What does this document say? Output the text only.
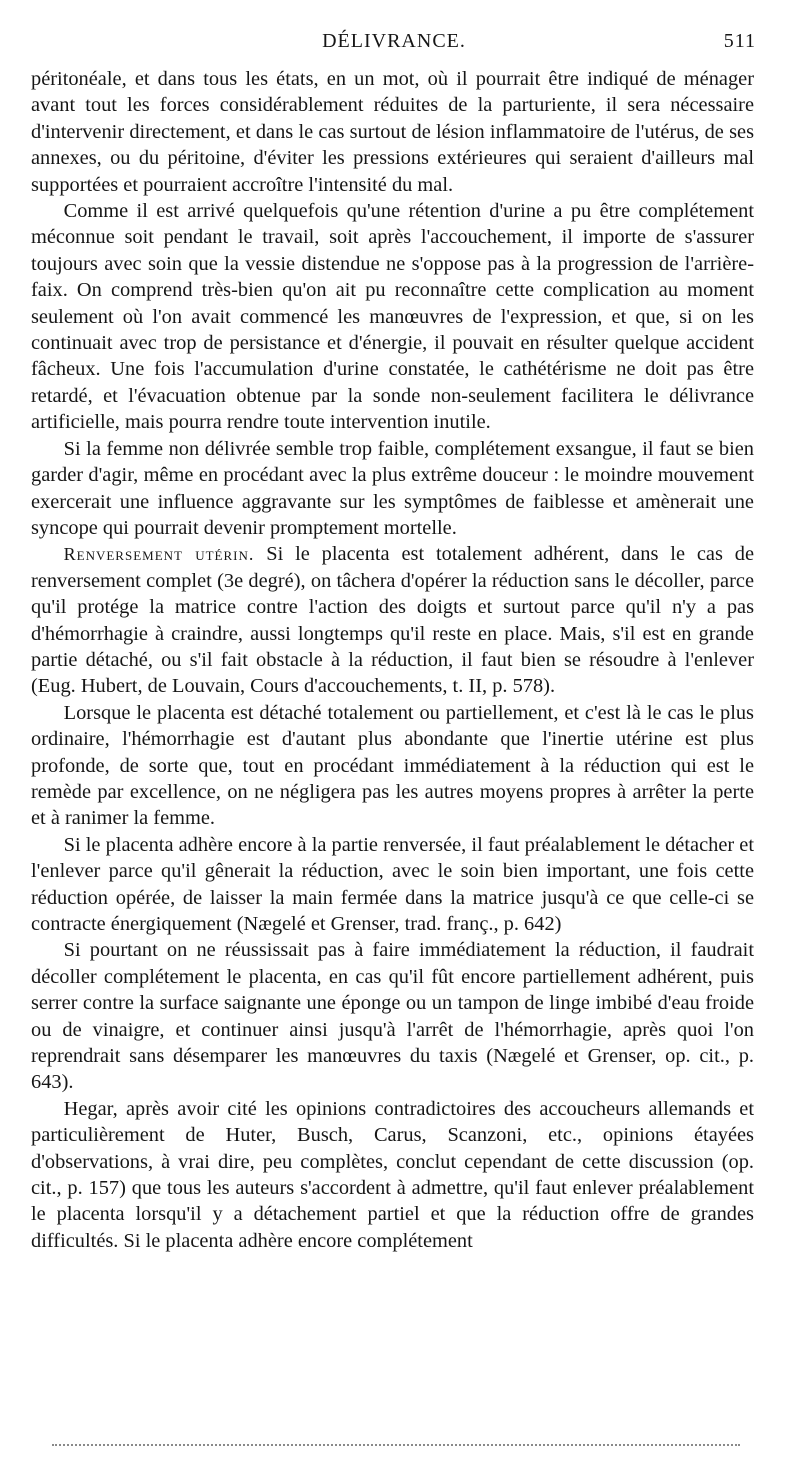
DÉLIVRANCE.	511

péritonéale, et dans tous les états, en un mot, où il pourrait être indiqué de ménager avant tout les forces considérablement réduites de la parturiente, il sera nécessaire d'intervenir directement, et dans le cas surtout de lésion inflammatoire de l'utérus, de ses annexes, ou du péritoine, d'éviter les pressions extérieures qui seraient d'ailleurs mal supportées et pourraient accroître l'intensité du mal.

Comme il est arrivé quelquefois qu'une rétention d'urine a pu être complétement méconnue soit pendant le travail, soit après l'accouchement, il importe de s'assurer toujours avec soin que la vessie distendue ne s'oppose pas à la progression de l'arrière-faix. On comprend très-bien qu'on ait pu reconnaître cette complication au moment seulement où l'on avait commencé les manœuvres de l'expression, et que, si on les continuait avec trop de persistance et d'énergie, il pouvait en résulter quelque accident fâcheux. Une fois l'accumulation d'urine constatée, le cathétérisme ne doit pas être retardé, et l'évacuation obtenue par la sonde non-seulement facilitera le délivrance artificielle, mais pourra rendre toute intervention inutile.

Si la femme non délivrée semble trop faible, complétement exsangue, il faut se bien garder d'agir, même en procédant avec la plus extrême douceur : le moindre mouvement exercerait une influence aggravante sur les symptômes de faiblesse et amènerait une syncope qui pourrait devenir promptement mortelle.

Renversement utérin. Si le placenta est totalement adhérent, dans le cas de renversement complet (3e degré), on tâchera d'opérer la réduction sans le décoller, parce qu'il protége la matrice contre l'action des doigts et surtout parce qu'il n'y a pas d'hémorrhagie à craindre, aussi longtemps qu'il reste en place. Mais, s'il est en grande partie détaché, ou s'il fait obstacle à la réduction, il faut bien se résoudre à l'enlever (Eug. Hubert, de Louvain, Cours d'accouchements, t. II, p. 578).

Lorsque le placenta est détaché totalement ou partiellement, et c'est là le cas le plus ordinaire, l'hémorrhagie est d'autant plus abondante que l'inertie utérine est plus profonde, de sorte que, tout en procédant immédiatement à la réduction qui est le remède par excellence, on ne négligera pas les autres moyens propres à arrêter la perte et à ranimer la femme.

Si le placenta adhère encore à la partie renversée, il faut préalablement le détacher et l'enlever parce qu'il gênerait la réduction, avec le soin bien important, une fois cette réduction opérée, de laisser la main fermée dans la matrice jusqu'à ce que celle-ci se contracte énergiquement (Nægelé et Grenser, trad. franç., p. 642)

Si pourtant on ne réussissait pas à faire immédiatement la réduction, il faudrait décoller complétement le placenta, en cas qu'il fût encore partiellement adhérent, puis serrer contre la surface saignante une éponge ou un tampon de linge imbibé d'eau froide ou de vinaigre, et continuer ainsi jusqu'à l'arrêt de l'hémorrhagie, après quoi l'on reprendrait sans désemparer les manœuvres du taxis (Nægelé et Grenser, op. cit., p. 643).

Hegar, après avoir cité les opinions contradictoires des accoucheurs allemands et particulièrement de Huter, Busch, Carus, Scanzoni, etc., opinions étayées d'observations, à vrai dire, peu complètes, conclut cependant de cette discussion (op. cit., p. 157) que tous les auteurs s'accordent à admettre, qu'il faut enlever préalablement le placenta lorsqu'il y a détachement partiel et que la réduction offre de grandes difficultés. Si le placenta adhère encore complétement
